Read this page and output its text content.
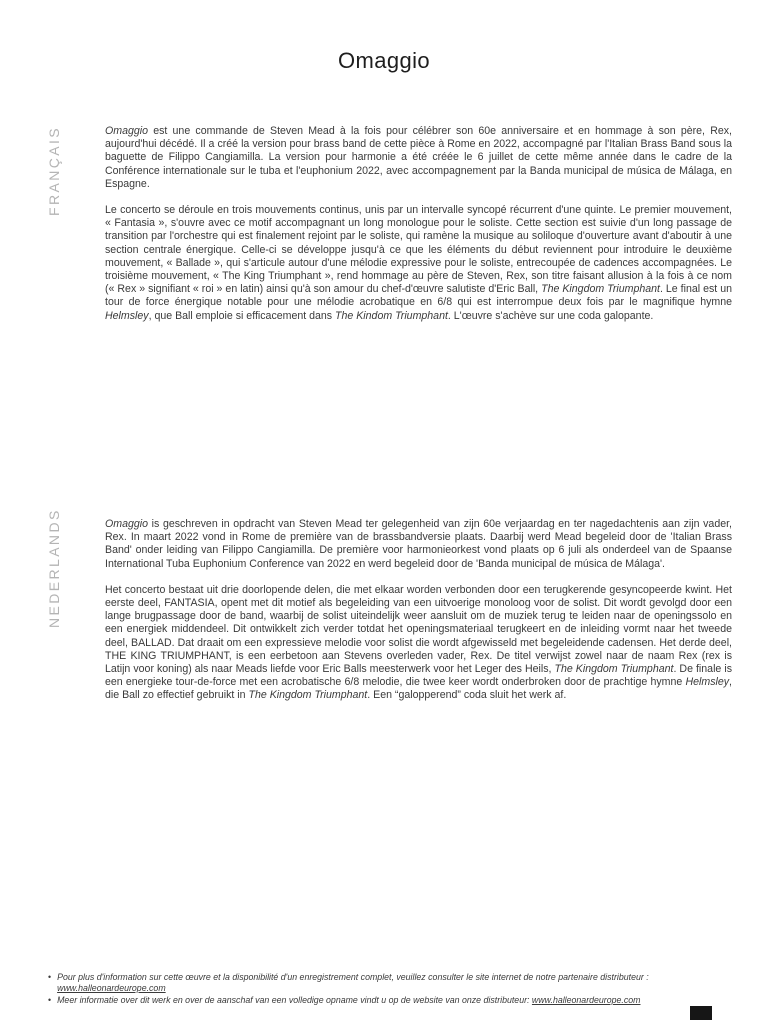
Omaggio
FRANÇAIS	Omaggio est une commande de Steven Mead à la fois pour célébrer son 60e anniversaire et en hommage à son père, Rex, aujourd'hui décédé. Il a créé la version pour brass band de cette pièce à Rome en 2022, accompagné par l'Italian Brass Band sous la baguette de Filippo Cangiamilla. La version pour harmonie a été créée le 6 juillet de cette même année dans le cadre de la Conférence internationale sur le tuba et l'euphonium 2022, avec accompagnement par la Banda municipal de música de Málaga, en Espagne.

Le concerto se déroule en trois mouvements continus, unis par un intervalle syncopé récurrent d'une quinte. Le premier mouvement, « Fantasia », s'ouvre avec ce motif accompagnant un long monologue pour le soliste. Cette section est suivie d'un long passage de transition par l'orchestre qui est finalement rejoint par le soliste, qui ramène la musique au soliloque d'ouverture avant d'aboutir à une section centrale énergique. Celle-ci se développe jusqu'à ce que les éléments du début reviennent pour introduire le deuxième mouvement, « Ballade », qui s'articule autour d'une mélodie expressive pour le soliste, entrecoupée de cadences accompagnées. Le troisième mouvement, « The King Triumphant », rend hommage au père de Steven, Rex, son titre faisant allusion à la fois à ce nom (« Rex » signifiant « roi » en latin) ainsi qu'à son amour du chef-d'œuvre salutiste d'Eric Ball, The Kingdom Triumphant. Le final est un tour de force énergique notable pour une mélodie acrobatique en 6/8 qui est interrompue deux fois par le magnifique hymne Helmsley, que Ball emploie si efficacement dans The Kindom Triumphant. L'œuvre s'achève sur une coda galopante.

NEDERLANDS	Omaggio is geschreven in opdracht van Steven Mead ter gelegenheid van zijn 60e verjaardag en ter nagedachtenis aan zijn vader, Rex. In maart 2022 vond in Rome de première van de brassbandversie plaats. Daarbij werd Mead begeleid door de 'Italian Brass Band' onder leiding van Filippo Cangiamilla. De première voor harmonieorkest vond plaats op 6 juli als onderdeel van de Spaanse International Tuba Euphonium Conference van 2022 en werd begeleid door de 'Banda municipal de música de Málaga'.

Het concerto bestaat uit drie doorlopende delen, die met elkaar worden verbonden door een terugkerende gesyncopeerde kwint. Het eerste deel, FANTASIA, opent met dit motief als begeleiding van een uitvoerige monoloog voor de solist. Dit wordt gevolgd door een lange brugpassage door de band, waarbij de solist uiteindelijk weer aansluit om de muziek terug te leiden naar de openingssolo en een energiek middendeel. Dit ontwikkelt zich verder totdat het openingsmateriaal terugkeert en de inleiding vormt naar het tweede deel, BALLAD. Dat draait om een expressieve melodie voor solist die wordt afgewisseld met begeleidende cadensen. Het derde deel, THE KING TRIUMPHANT, is een eerbetoon aan Stevens overleden vader, Rex. De titel verwijst zowel naar de naam Rex (rex is Latijn voor koning) als naar Meads liefde voor Eric Balls meesterwerk voor het Leger des Heils, The Kingdom Triumphant. De finale is een energieke tour-de-force met een acrobatische 6/8 melodie, die twee keer wordt onderbroken door de prachtige hymne Helmsley, die Ball zo effectief gebruikt in The Kingdom Triumphant. Een “galopperend” coda sluit het werk af.

• Pour plus d'information sur cette œuvre et la disponibilité d'un enregistrement complet, veuillez consulter le site internet de notre partenaire distributeur :
www.halleonardeurope.com
• Meer informatie over dit werk en over de aanschaf van een volledige opname vindt u op de website van onze distributeur: www.halleonardeurope.com
